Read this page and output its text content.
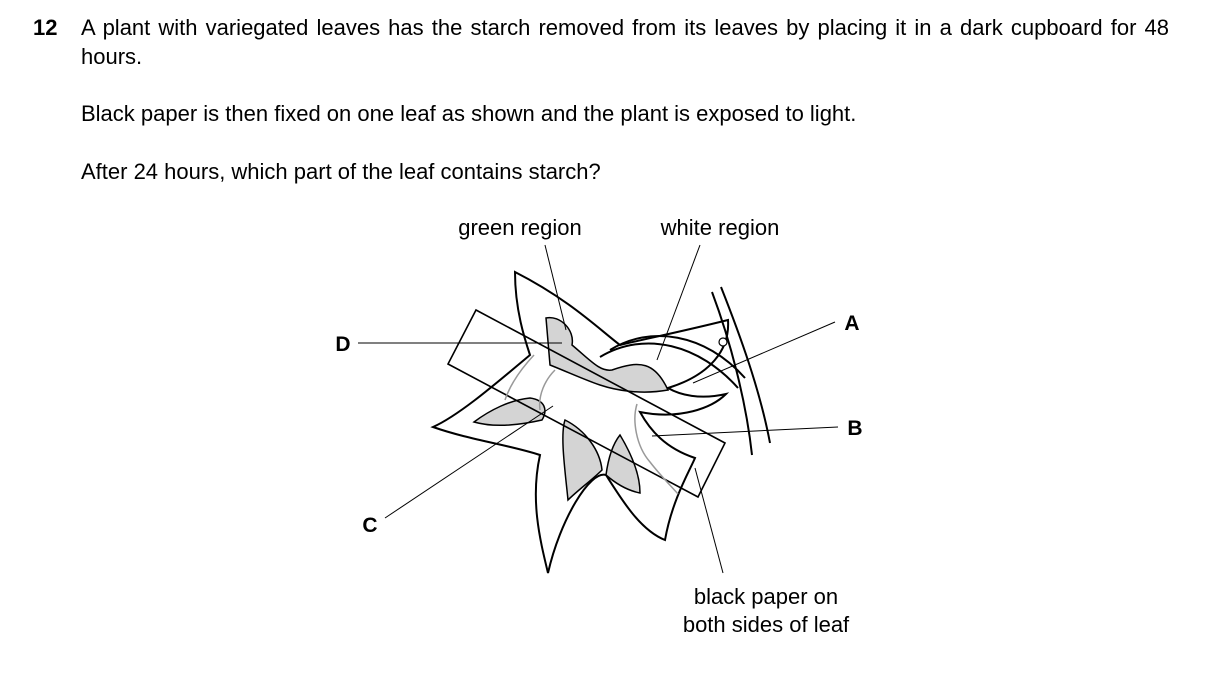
12 A plant with variegated leaves has the starch removed from its leaves by placing it in a dark cupboard for 48 hours.
Black paper is then fixed on one leaf as shown and the plant is exposed to light.
After 24 hours, which part of the leaf contains starch?
green region	white region
black paper on
both sides of leaf
A
B
C
D
